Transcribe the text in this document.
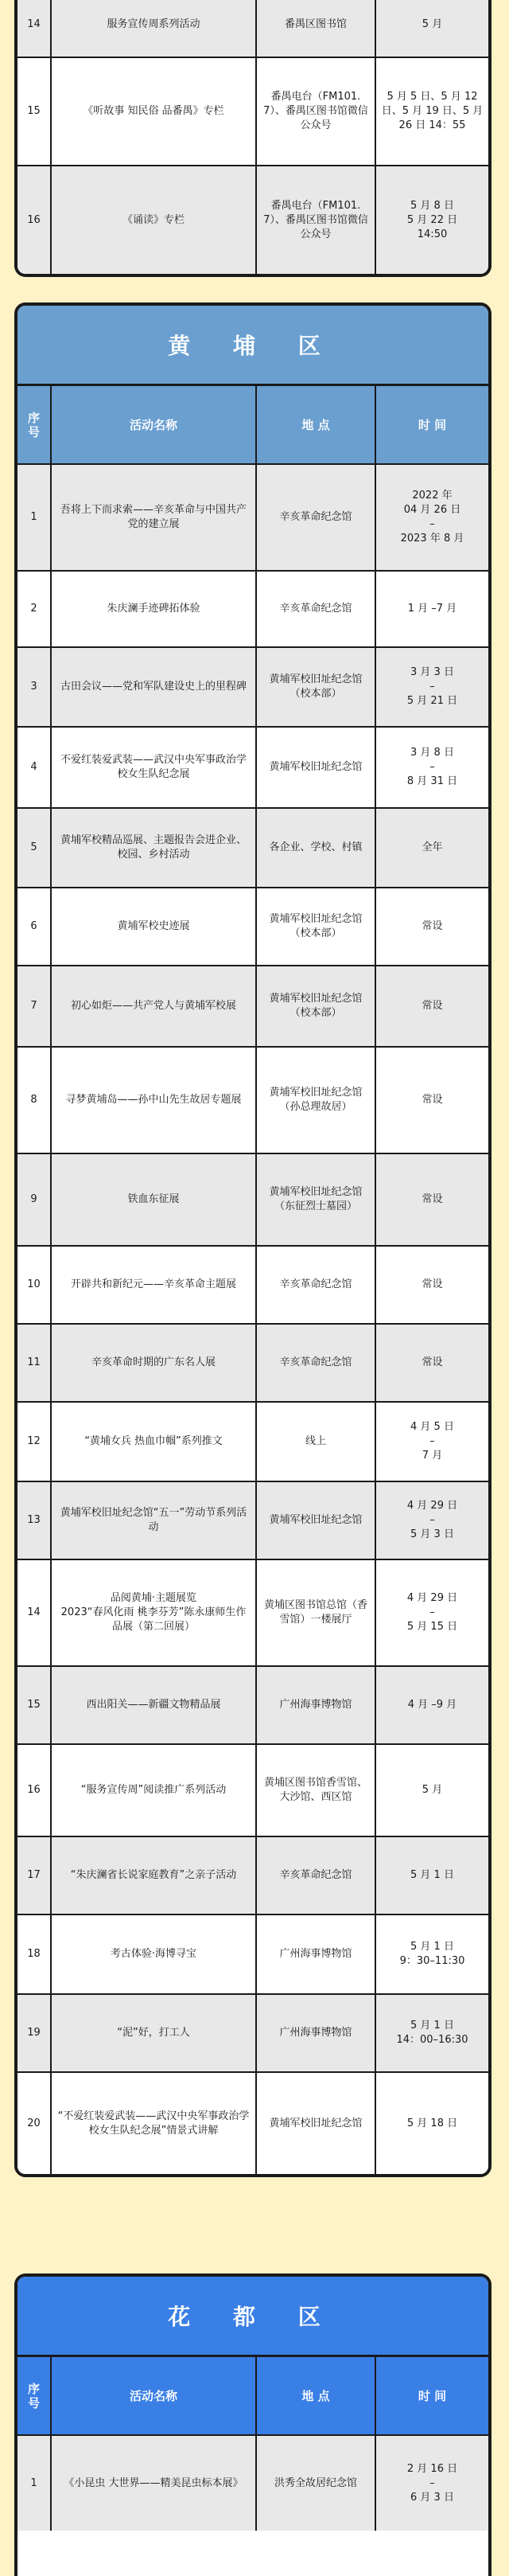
14	服务宣传周系列活动	番禺区图书馆	5 月
15	《听故事 知民俗 品番禺》专栏	番禺电台（FM101.7）、番禺区图书馆微信公众号	5 月 5 日、5 月 12 日、5 月 19 日、5 月 26 日 14：55
16	《诵读》专栏	番禺电台（FM101.7）、番禺区图书馆微信公众号	5 月 8 日
5 月 22 日
14:50
黄 埔 区
序号	活动名称	地 点	时 间
1	吾将上下而求索——辛亥革命与中国共产党的建立展	辛亥革命纪念馆	2022 年
04 月 26 日
–
2023 年 8 月
2	朱庆澜手迹碑拓体验	辛亥革命纪念馆	1 月 –7 月
3	古田会议——党和军队建设史上的里程碑	黄埔军校旧址纪念馆（校本部）	3 月 3 日
–
5 月 21 日
4	不爱红装爱武装——武汉中央军事政治学校女生队纪念展	黄埔军校旧址纪念馆	3 月 8 日
–
8 月 31 日
5	黄埔军校精品巡展、主题报告会进企业、校园、乡村活动	各企业、学校、村镇	全年
6	黄埔军校史迹展	黄埔军校旧址纪念馆（校本部）	常设
7	初心如炬——共产党人与黄埔军校展	黄埔军校旧址纪念馆（校本部）	常设
8	寻梦黄埔岛——孙中山先生故居专题展	黄埔军校旧址纪念馆（孙总理故居）	常设
9	铁血东征展	黄埔军校旧址纪念馆（东征烈士墓园）	常设
10	开辟共和新纪元——辛亥革命主题展	辛亥革命纪念馆	常设
11	辛亥革命时期的广东名人展	辛亥革命纪念馆	常设
12	“黄埔女兵 热血巾帼”系列推文	线上	4 月 5 日
–
7 月
13	黄埔军校旧址纪念馆“五一”劳动节系列活动	黄埔军校旧址纪念馆	4 月 29 日
–
5 月 3 日
14	品阅黄埔·主题展览
2023“春风化雨 桃李芬芳”陈永康师生作品展（第二回展）	黄埔区图书馆总馆（香雪馆）一楼展厅	4 月 29 日
–
5 月 15 日
15	西出阳关——新疆文物精品展	广州海事博物馆	4 月 –9 月
16	“服务宣传周”阅读推广系列活动	黄埔区图书馆香雪馆、大沙馆、西区馆	5 月
17	“朱庆澜省长说家庭教育”之亲子活动	辛亥革命纪念馆	5 月 1 日
18	考古体验·海博寻宝	广州海事博物馆	5 月 1 日
9：30–11:30
19	“泥”好，打工人	广州海事博物馆	5 月 1 日
14：00–16:30
20	“不爱红装爱武装——武汉中央军事政治学校女生队纪念展”情景式讲解	黄埔军校旧址纪念馆	5 月 18 日
花 都 区
序号	活动名称	地 点	时 间
1	《小昆虫 大世界——精美昆虫标本展》	洪秀全故居纪念馆	2 月 16 日
–
6 月 3 日
